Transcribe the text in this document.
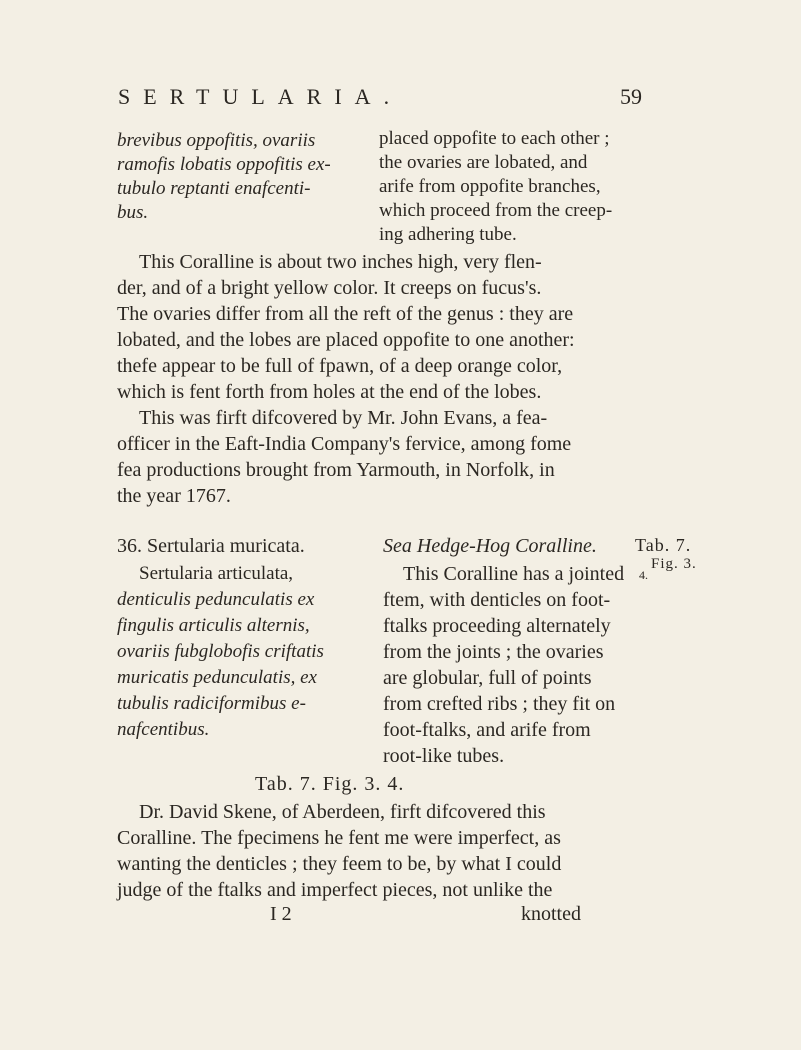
SERTULARIA.	59
brevibus oppofitis, ovariis
ramofis lobatis oppofitis ex-
tubulo reptanti enafcenti-
bus.
placed oppofite to each other ;
the ovaries are lobated, and
arife from oppofite branches,
which proceed from the creep-
ing adhering tube.
This Coralline is about two inches high, very flen-
der, and of a bright yellow color. It creeps on fucus's.
The ovaries differ from all the reft of the genus : they are
lobated, and the lobes are placed oppofite to one another:
thefe appear to be full of fpawn, of a deep orange color,
which is fent forth from holes at the end of the lobes.
This was firft difcovered by Mr. John Evans, a fea-
officer in the Eaft-India Company's fervice, among fome
fea productions brought from Yarmouth, in Norfolk, in
the year 1767.
36. Sertularia muricata.	Sea Hedge-Hog Coralline. Tab. 7.
Fig. 3.
Sertularia articulata,
denticulis pedunculatis ex
fingulis articulis alternis,
ovariis fubglobofis criftatis
muricatis pedunculatis, ex
tubulis radiciformibus e-
nafcentibus.
This Coralline has a jointed
ftem, with denticles on foot-
ftalks proceeding alternately
from the joints ; the ovaries
are globular, full of points
from crefted ribs ; they fit on
foot-ftalks, and arife from
root-like tubes.
4.
Tab. 7. Fig. 3. 4.
Dr. David Skene, of Aberdeen, firft difcovered this
Coralline. The fpecimens he fent me were imperfect, as
wanting the denticles ; they feem to be, by what I could
judge of the ftalks and imperfect pieces, not unlike the
I 2	knotted
